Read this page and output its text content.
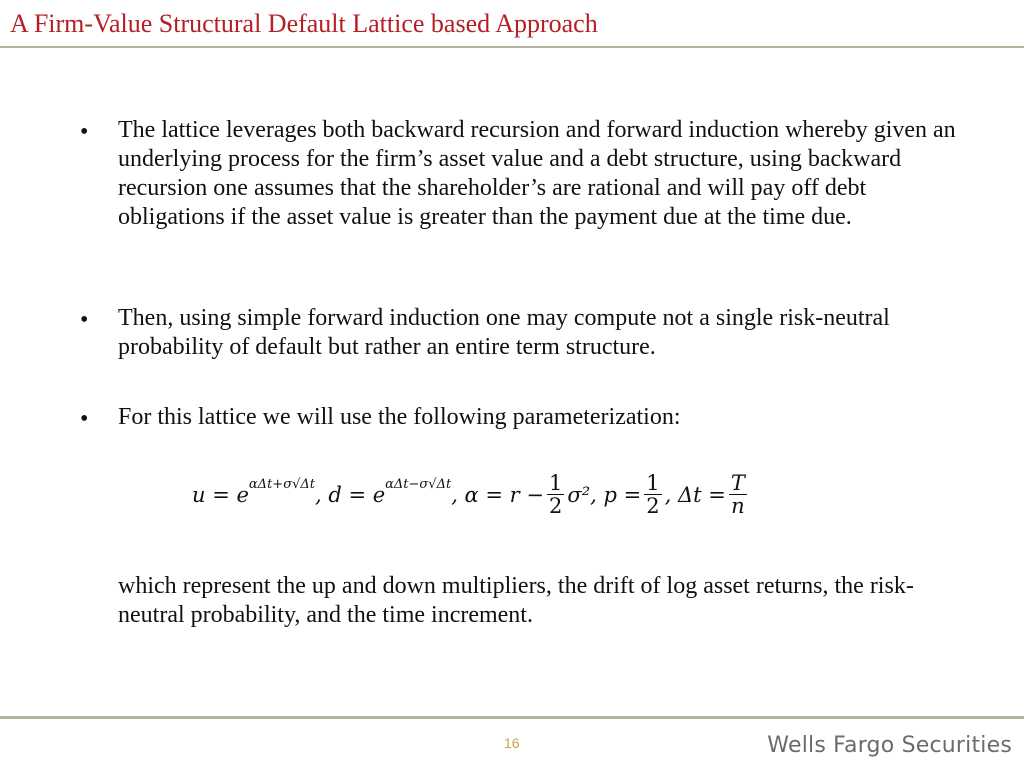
A Firm-Value Structural Default Lattice based Approach
• The lattice leverages both backward recursion and forward induction whereby given an underlying process for the firm’s asset value and a debt structure, using backward recursion one assumes that the shareholder’s are rational and will pay off debt obligations if the asset value is greater than the payment due at the time due.
• Then, using simple forward induction one may compute not a single risk-neutral probability of default but rather an entire term structure.
• For this lattice we will use the following parameterization:
u = e αΔt+σ√Δt , d = e αΔt−σ√Δt , $\alpha = r - \frac{1}{2} \sigma^2$ , $p = \frac{1}{2}$ , $\Delta t = \frac{T}{n}$
which represent the up and down multipliers, the drift of log asset returns, the risk-neutral probability, and the time increment.
16	Wells Fargo Securities
